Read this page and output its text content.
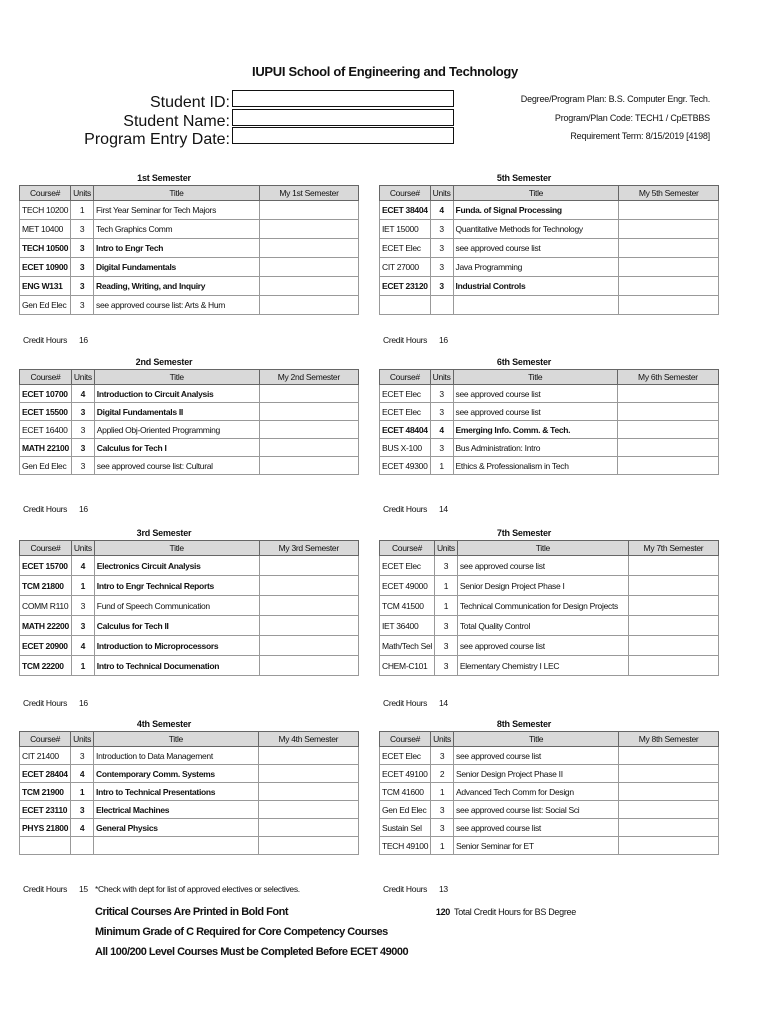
IUPUI School of Engineering and Technology
Student ID:
Student Name:
Program Entry Date:
Degree/Program Plan: B.S. Computer Engr. Tech.
Program/Plan Code: TECH1 / CpETBBS
Requirement Term: 8/15/2019 [4198]
1st Semester
Course#	Units	Title	My 1st Semester
TECH 10200	1	First Year Seminar for Tech Majors	
MET 10400	3	Tech Graphics Comm	
TECH 10500	3	Intro to Engr Tech	
ECET 10900	3	Digital Fundamentals	
ENG W131	3	Reading, Writing, and Inquiry	
Gen Ed Elec	3	see approved course list: Arts & Hum	
Credit Hours 16
5th Semester
Course#	Units	Title	My 5th Semester
ECET 38404	4	Funda. of Signal Processing	
IET 15000	3	Quantitative Methods for Technology	
ECET Elec	3	see approved course list	
CIT 27000	3	Java Programming	
ECET 23120	3	Industrial Controls	

Credit Hours 16
2nd Semester
Course#	Units	Title	My 2nd Semester
ECET 10700	4	Introduction to Circuit Analysis	
ECET 15500	3	Digital Fundamentals II	
ECET 16400	3	Applied Obj-Oriented Programming	
MATH 22100	3	Calculus for Tech I	
Gen Ed Elec	3	see approved course list: Cultural	
Credit Hours 16
6th Semester
Course#	Units	Title	My 6th Semester
ECET Elec	3	see approved course list	
ECET Elec	3	see approved course list	
ECET 48404	4	Emerging Info. Comm. & Tech.	
BUS X-100	3	Bus Administration: Intro	
ECET 49300	1	Ethics & Professionalism in Tech	
Credit Hours 14
3rd Semester
Course#	Units	Title	My 3rd Semester
ECET 15700	4	Electronics Circuit Analysis	
TCM 21800	1	Intro to Engr Technical Reports	
COMM R110	3	Fund of Speech Communication	
MATH 22200	3	Calculus for Tech II	
ECET 20900	4	Introduction to Microprocessors	
TCM 22200	1	Intro to Technical Documenation	
Credit Hours 16
7th Semester
Course#	Units	Title	My 7th Semester
ECET Elec	3	see approved course list	
ECET 49000	1	Senior Design Project Phase I	
TCM 41500	1	Technical Communication for Design Projects	
IET 36400	3	Total Quality Control	
Math/Tech Sel	3	see approved course list	
CHEM-C101	3	Elementary Chemistry I LEC	
Credit Hours 14
4th Semester
Course#	Units	Title	My 4th Semester
CIT 21400	3	Introduction to Data Management	
ECET 28404	4	Contemporary Comm. Systems	
TCM 21900	1	Intro to Technical Presentations	
ECET 23110	3	Electrical Machines	
PHYS 21800	4	General Physics	

Credit Hours 15 *Check with dept for list of approved electives or selectives.
8th Semester
Course#	Units	Title	My 8th Semester
ECET Elec	3	see approved course list	
ECET 49100	2	Senior Design Project Phase II	
TCM 41600	1	Advanced Tech Comm for Design	
Gen Ed Elec	3	see approved course list: Social Sci	
Sustain Sel	3	see approved course list	
TECH 49100	1	Senior Seminar for ET	
Credit Hours 13
Critical Courses Are Printed in Bold Font
Minimum Grade of C Required for Core Competency Courses
All 100/200 Level Courses Must be Completed Before ECET 49000
120 Total Credit Hours for BS Degree
